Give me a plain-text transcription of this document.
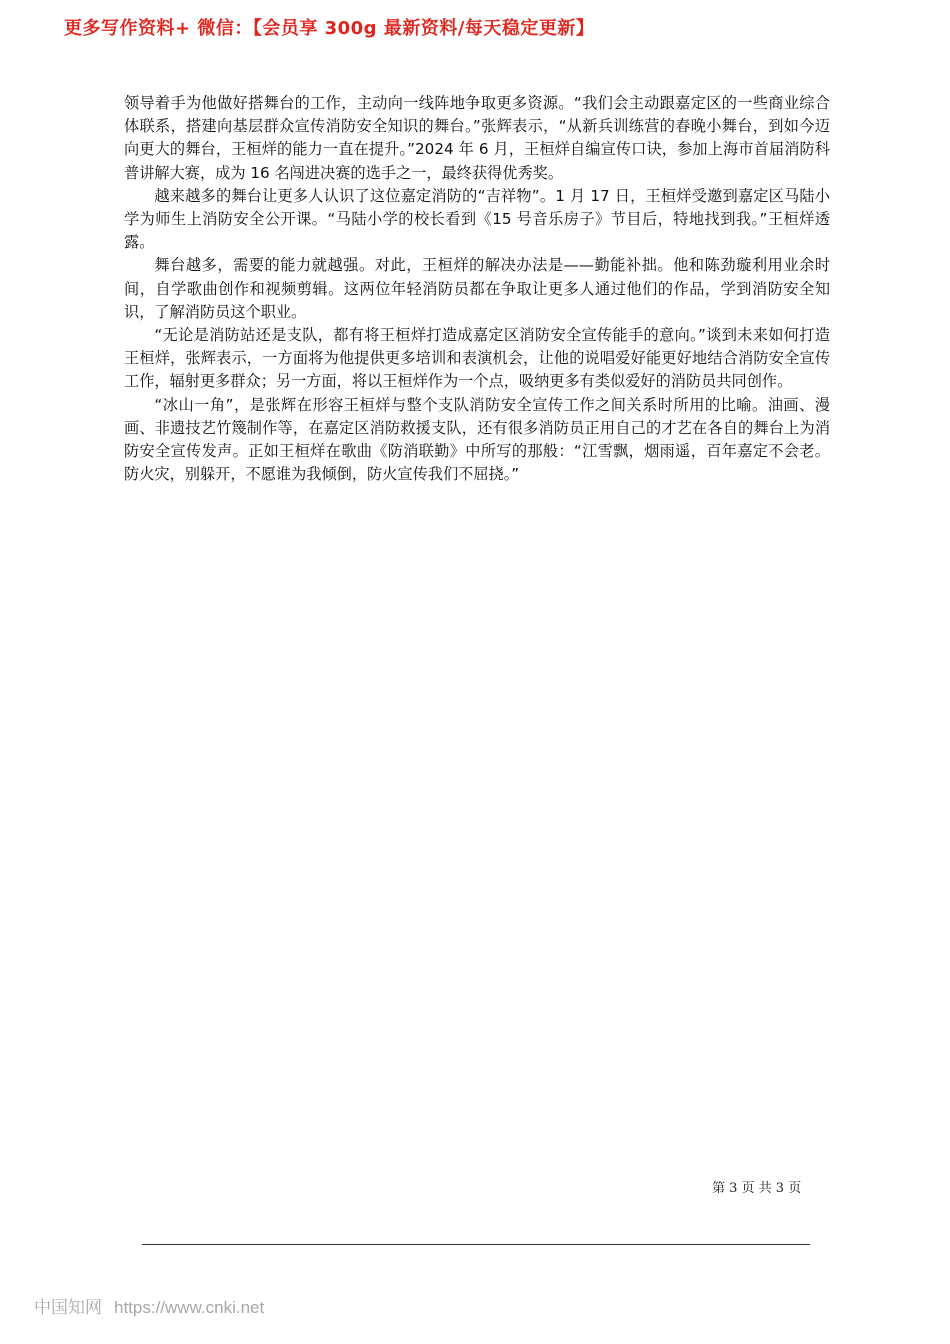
更多写作资料+ 微信：【会员享 300g 最新资料/每天稳定更新】

领导着手为他做好搭舞台的工作，主动向一线阵地争取更多资源。“我们会主动跟嘉定区的一些商业综合体联系，搭建向基层群众宣传消防安全知识的舞台。”张辉表示，“从新兵训练营的春晚小舞台，到如今迈向更大的舞台，王桓烊的能力一直在提升。”2024 年 6 月，王桓烊自编宣传口诀，参加上海市首届消防科普讲解大赛，成为 16 名闯进决赛的选手之一，最终获得优秀奖。

越来越多的舞台让更多人认识了这位嘉定消防的“吉祥物”。1 月 17 日，王桓烊受邀到嘉定区马陆小学为师生上消防安全公开课。“马陆小学的校长看到《15 号音乐房子》节目后，特地找到我。”王桓烊透露。

舞台越多，需要的能力就越强。对此，王桓烊的解决办法是——勤能补拙。他和陈劲璇利用业余时间，自学歌曲创作和视频剪辑。这两位年轻消防员都在争取让更多人通过他们的作品，学到消防安全知识，了解消防员这个职业。

“无论是消防站还是支队，都有将王桓烊打造成嘉定区消防安全宣传能手的意向。”谈到未来如何打造王桓烊，张辉表示，一方面将为他提供更多培训和表演机会，让他的说唱爱好能更好地结合消防安全宣传工作，辐射更多群众；另一方面，将以王桓烊作为一个点，吸纳更多有类似爱好的消防员共同创作。

“冰山一角”，是张辉在形容王桓烊与整个支队消防安全宣传工作之间关系时所用的比喻。油画、漫画、非遗技艺竹篾制作等，在嘉定区消防救援支队，还有很多消防员正用自己的才艺在各自的舞台上为消防安全宣传发声。正如王桓烊在歌曲《防消联勤》中所写的那般：“江雪飘，烟雨遥，百年嘉定不会老。防火灾，别躲开，不愿谁为我倾倒，防火宣传我们不屈挠。”

第 3 页 共 3 页
中国知网 https://www.cnki.net
